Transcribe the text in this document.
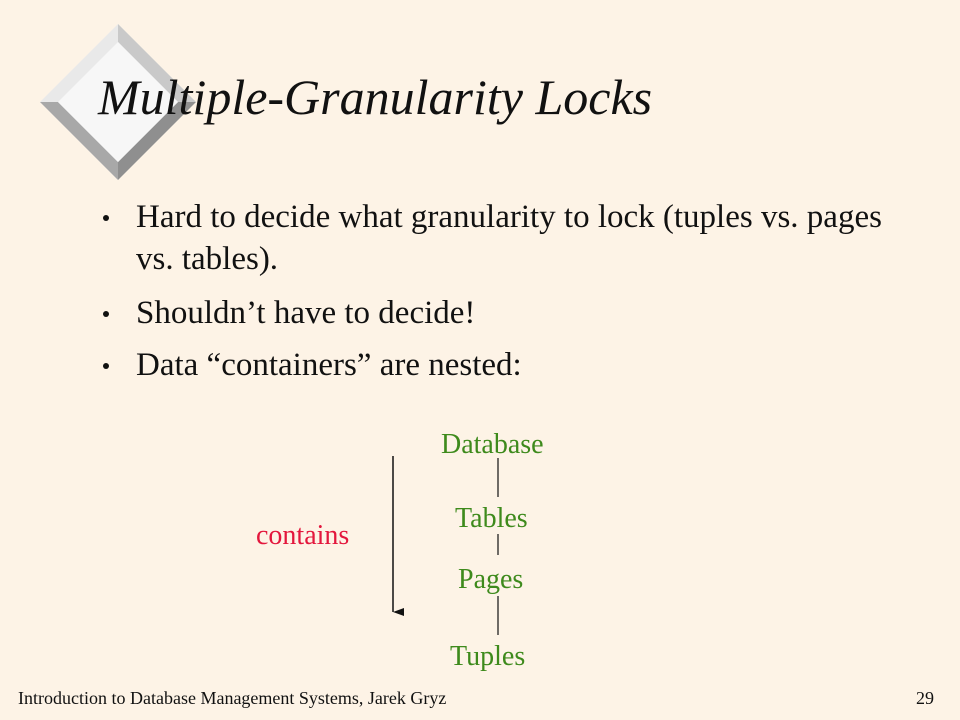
Multiple-Granularity Locks
Hard to decide what granularity to lock (tuples vs. pages vs. tables).
Shouldn’t have to decide!
Data “containers” are nested:
contains
Database
Tables
Pages
Tuples
Introduction to Database Management Systems, Jarek Gryz	29
